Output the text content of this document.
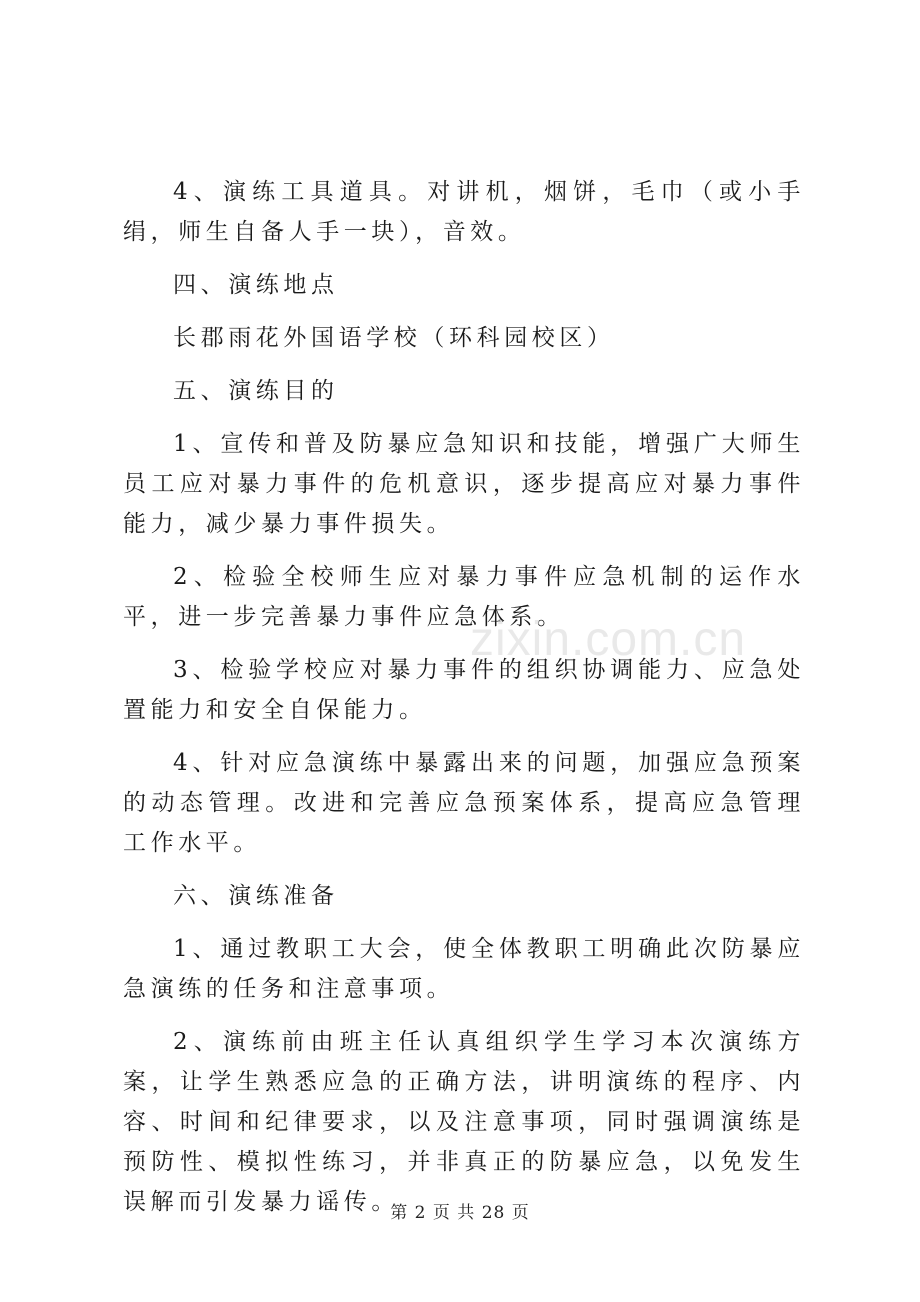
4、演练工具道具。对讲机，烟饼，毛巾（或小手绢，师生自备人手一块），音效。

四、演练地点

长郡雨花外国语学校（环科园校区）

五、演练目的

1、宣传和普及防暴应急知识和技能，增强广大师生员工应对暴力事件的危机意识，逐步提高应对暴力事件能力，减少暴力事件损失。

2、检验全校师生应对暴力事件应急机制的运作水平，进一步完善暴力事件应急体系。

3、检验学校应对暴力事件的组织协调能力、应急处置能力和安全自保能力。

4、针对应急演练中暴露出来的问题，加强应急预案的动态管理。改进和完善应急预案体系，提高应急管理工作水平。

六、演练准备

1、通过教职工大会，使全体教职工明确此次防暴应急演练的任务和注意事项。

2、演练前由班主任认真组织学生学习本次演练方案，让学生熟悉应急的正确方法，讲明演练的程序、内容、时间和纪律要求，以及注意事项，同时强调演练是预防性、模拟性练习，并非真正的防暴应急，以免发生误解而引发暴力谣传。

zixin.com.cn
第 2 页 共 28 页
